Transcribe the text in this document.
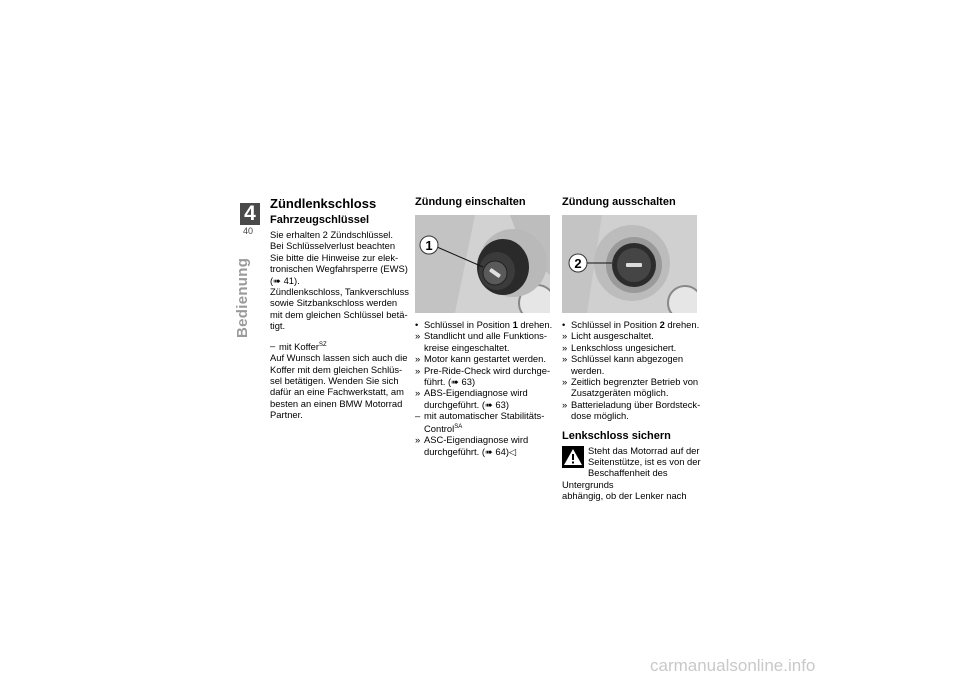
4
40
Bedienung
Zündlenkschloss
Fahrzeugschlüssel

Sie erhalten 2 Zündschlüssel.
Bei Schlüsselverlust beachten
Sie bitte die Hinweise zur elek-
tronischen Wegfahrsperre (EWS)
(➠ 41).

Zündlenkschloss, Tankverschluss
sowie Sitzbankschloss werden
mit dem gleichen Schlüssel betä-
tigt.

– mit Koffer$^{SZ}$

Auf Wunsch lassen sich auch die
Koffer mit dem gleichen Schlüs-
sel betätigen. Wenden Sie sich
dafür an eine Fachwerkstatt, am
besten an einen BMW Motorrad
Partner.

Zündung einschalten
1
• Schlüssel in Position 1 drehen.
» Standlicht und alle Funktions-
kreise eingeschaltet.
» Motor kann gestartet werden.
» Pre-Ride-Check wird durchge-
führt. (➠ 63)
» ABS-Eigendiagnose wird
durchgeführt. (➠ 63)
– mit automatischer Stabilitäts-
Control$^{SA}$
» ASC-Eigendiagnose wird
durchgeführt. (➠ 64)◁
Zündung ausschalten
2
• Schlüssel in Position 2 drehen.
» Licht ausgeschaltet.
» Lenkschloss ungesichert.
» Schlüssel kann abgezogen
werden.
» Zeitlich begrenzter Betrieb von
Zusatzgeräten möglich.
» Batterieladung über Bordsteck-
dose möglich.
Lenkschloss sichern
Steht das Motorrad auf der
Seitenstütze, ist es von der
Beschaffenheit des Untergrunds
abhängig, ob der Lenker nach
carmanualsonline.info
